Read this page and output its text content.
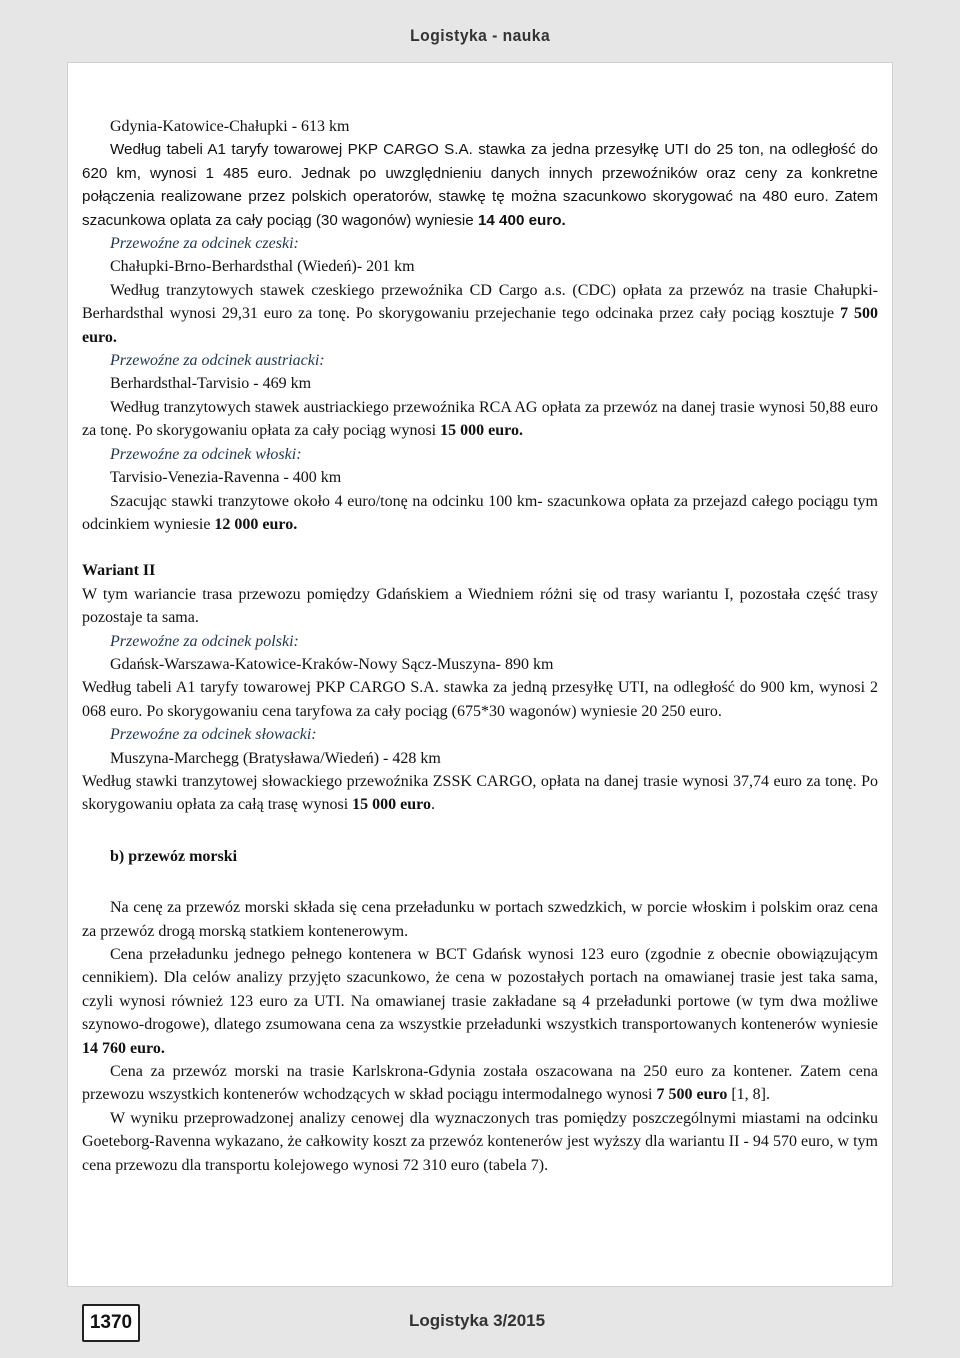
Logistyka - nauka

Gdynia-Katowice-Chałupki - 613 km

Według tabeli A1 taryfy towarowej PKP CARGO S.A. stawka za jedna przesyłkę UTI do 25 ton, na odległość do 620 km, wynosi 1 485 euro. Jednak po uwzględnieniu danych innych przewoźników oraz ceny za konkretne połączenia realizowane przez polskich operatorów, stawkę tę można szacunkowo skorygować na 480 euro. Zatem szacunkowa oplata za cały pociąg (30 wagonów) wyniesie 14 400 euro.

Przewoźne za odcinek czeski:

Chałupki-Brno-Berhardsthal (Wiedeń)- 201 km

Według tranzytowych stawek czeskiego przewoźnika CD Cargo a.s. (CDC) opłata za przewóz na trasie Chałupki-Berhardsthal wynosi 29,31 euro za tonę. Po skorygowaniu przejechanie tego odcinaka przez cały pociąg kosztuje 7 500 euro.

Przewoźne za odcinek austriacki:

Berhardsthal-Tarvisio - 469 km

Według tranzytowych stawek austriackiego przewoźnika RCA AG opłata za przewóz na danej trasie wynosi 50,88 euro za tonę. Po skorygowaniu opłata za cały pociąg wynosi 15 000 euro.

Przewoźne za odcinek włoski:

Tarvisio-Venezia-Ravenna - 400 km

Szacując stawki tranzytowe około 4 euro/tonę na odcinku 100 km- szacunkowa opłata za przejazd całego pociągu tym odcinkiem wyniesie 12 000 euro.

Wariant II

W tym wariancie trasa przewozu pomiędzy Gdańskiem a Wiedniem różni się od trasy wariantu I, pozostała część trasy pozostaje ta sama.

Przewoźne za odcinek polski:

Gdańsk-Warszawa-Katowice-Kraków-Nowy Sącz-Muszyna- 890 km

Według tabeli A1 taryfy towarowej PKP CARGO S.A. stawka za jedną przesyłkę UTI, na odległość do 900 km, wynosi 2 068 euro. Po skorygowaniu cena taryfowa za cały pociąg (675*30 wagonów) wyniesie 20 250 euro.

Przewoźne za odcinek słowacki:

Muszyna-Marchegg (Bratysława/Wiedeń) - 428 km

Według stawki tranzytowej słowackiego przewoźnika ZSSK CARGO, opłata na danej trasie wynosi 37,74 euro za tonę. Po skorygowaniu opłata za całą trasę wynosi 15 000 euro.

b) przewóz morski

Na cenę za przewóz morski składa się cena przeładunku w portach szwedzkich, w porcie włoskim i polskim oraz cena za przewóz drogą morską statkiem kontenerowym.

Cena przeładunku jednego pełnego kontenera w BCT Gdańsk wynosi 123 euro (zgodnie z obecnie obowiązującym cennikiem). Dla celów analizy przyjęto szacunkowo, że cena w pozostałych portach na omawianej trasie jest taka sama, czyli wynosi również 123 euro za UTI. Na omawianej trasie zakładane są 4 przeładunki portowe (w tym dwa możliwe szynowo-drogowe), dlatego zsumowana cena za wszystkie przeładunki wszystkich transportowanych kontenerów wyniesie 14 760 euro.

Cena za przewóz morski na trasie Karlskrona-Gdynia została oszacowana na 250 euro za kontener. Zatem cena przewozu wszystkich kontenerów wchodzących w skład pociągu intermodalnego wynosi 7 500 euro [1, 8].

W wyniku przeprowadzonej analizy cenowej dla wyznaczonych tras pomiędzy poszczególnymi miastami na odcinku Goeteborg-Ravenna wykazano, że całkowity koszt za przewóz kontenerów jest wyższy dla wariantu II - 94 570 euro, w tym cena przewozu dla transportu kolejowego wynosi 72 310 euro (tabela 7).

1370	Logistyka 3/2015
